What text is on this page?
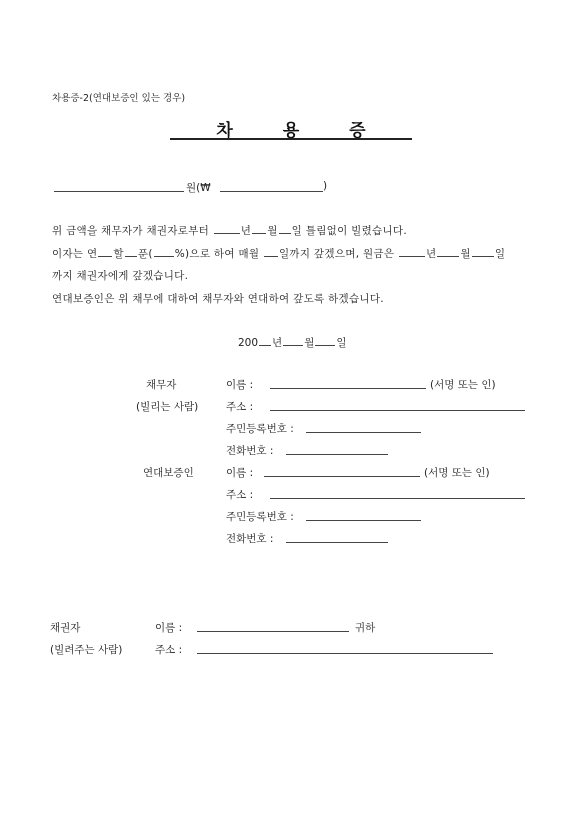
차용증-2(연대보증인 있는 경우)
차	용	증
원(₩	)
위 금액을 채무자가 채권자로부터	년 월 일 틀림없이 빌렸습니다.
이자는 연 할 푼( %)으로 하여 매월 일까지 갚겠으며, 원금은	년 월 일
까지 채권자에게 갚겠습니다.
연대보증인은 위 채무에 대하여 채무자와 연대하여 갚도록 하겠습니다.
200 년 월 일
채무자
(빌리는 사람)
이름 :	(서명 또는 인)
주소 :
주민등록번호 :
전화번호 :
연대보증인	이름 :	(서명 또는 인)
주소 :
주민등록번호 :
전화번호 :
채권자
(빌려주는 사람)
이름 :	귀하
주소 :
